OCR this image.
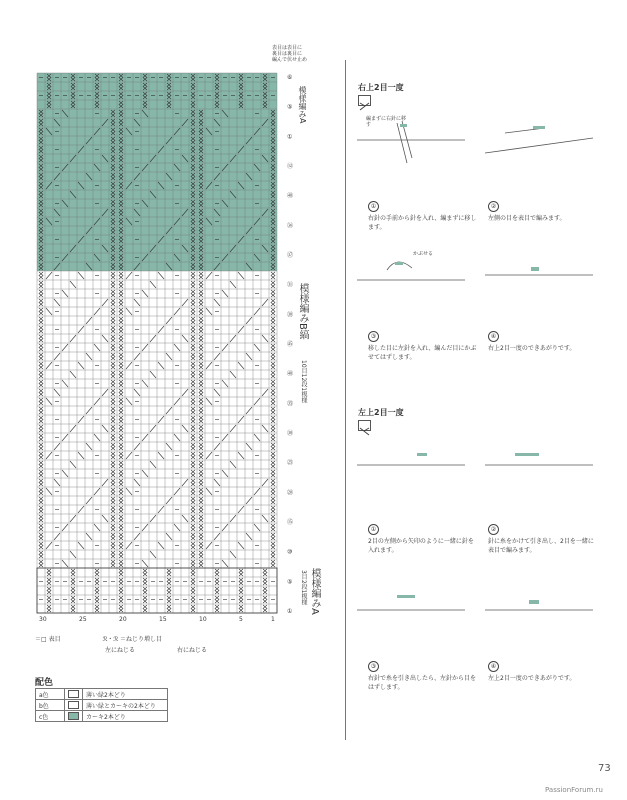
表目は表目に
裏目は裏目に
編んで伏せ止め
30	25	20	15	10	5	1
⑥
⑤
①
⑫
㊵
㊱
㊲
㉛
㉚
㊺
㊵
㉟
㉚
㉕
⑳
⑮
⑩
⑤
①
模様編みA
模様編みB縞
10目12段1模様
模様編みA
3目2段1模様
＝□ 表目	ℛ・ℛ ＝ねじり増し目
左にねじる	右にねじる
配色
a色		薄い緑2本どり
b色		薄い緑とカーキの2本どり
c色		カーキ2本どり
右上2目一度
編まずに右針に移す
①
右針の手前から針を入れ、編まずに移します。
②
左側の目を表目で編みます。
かぶせる
③
移した目に左針を入れ、編んだ目にかぶせてはずします。
④
右上2目一度のできあがりです。
左上2目一度
①
2目の左側から矢印のように一緒に針を入れます。
②
針に糸をかけて引き出し、2目を一緒に表目で編みます。
③
右針で糸を引き出したら、左針から目をはずします。
④
左上2目一度のできあがりです。
73
PassionForum.ru
